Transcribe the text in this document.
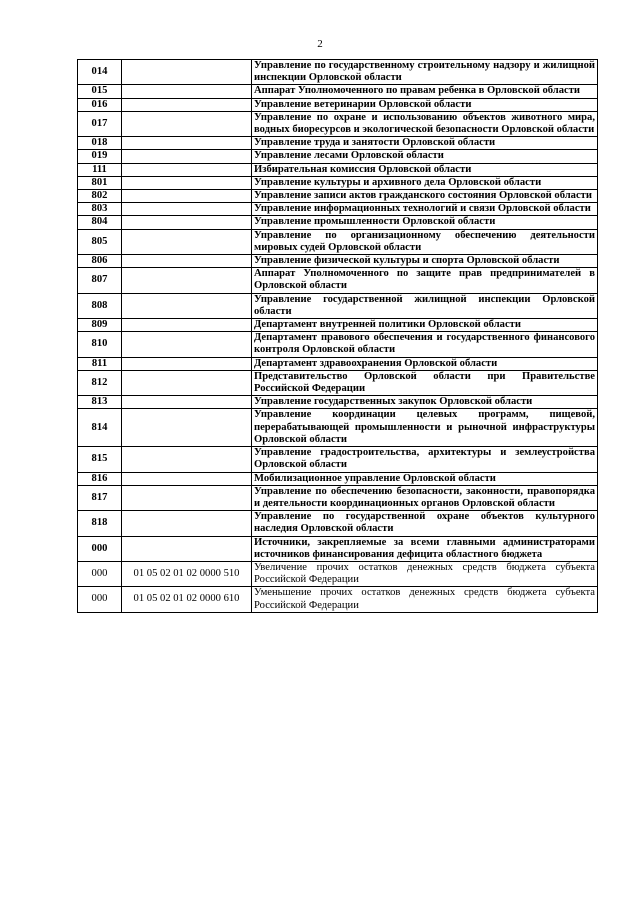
2
014		Управление по государственному строительному надзору и жилищной инспекции Орловской области
015		Аппарат Уполномоченного по правам ребенка в Орловской области
016		Управление ветеринарии Орловской области
017		Управление по охране и использованию объектов животного мира, водных биоресурсов и экологической безопасности Орловской области
018		Управление труда и занятости Орловской области
019		Управление лесами Орловской области
111		Избирательная комиссия Орловской области
801		Управление культуры и архивного дела Орловской области
802		Управление записи актов гражданского состояния Орловской области
803		Управление информационных технологий и связи Орловской области
804		Управление промышленности Орловской области
805		Управление по организационному обеспечению деятельности мировых судей Орловской области
806		Управление физической культуры и спорта Орловской области
807		Аппарат Уполномоченного по защите прав предпринимателей в Орловской области
808		Управление государственной жилищной инспекции Орловской области
809		Департамент внутренней политики Орловской области
810		Департамент правового обеспечения и государственного финансового контроля Орловской области
811		Департамент здравоохранения Орловской области
812		Представительство Орловской области при Правительстве Российской Федерации
813		Управление государственных закупок Орловской области
814		Управление координации целевых программ, пищевой, перерабатывающей промышленности и рыночной инфраструктуры Орловской области
815		Управление градостроительства, архитектуры и землеустройства Орловской области
816		Мобилизационное управление Орловской области
817		Управление по обеспечению безопасности, законности, правопорядка и деятельности координационных органов Орловской области
818		Управление по государственной охране объектов культурного наследия Орловской области
000		Источники, закрепляемые за всеми главными администраторами источников финансирования дефицита областного бюджета
000	01 05 02 01 02 0000 510	Увеличение прочих остатков денежных средств бюджета субъекта Российской Федерации
000	01 05 02 01 02 0000 610	Уменьшение прочих остатков денежных средств бюджета субъекта Российской Федерации
